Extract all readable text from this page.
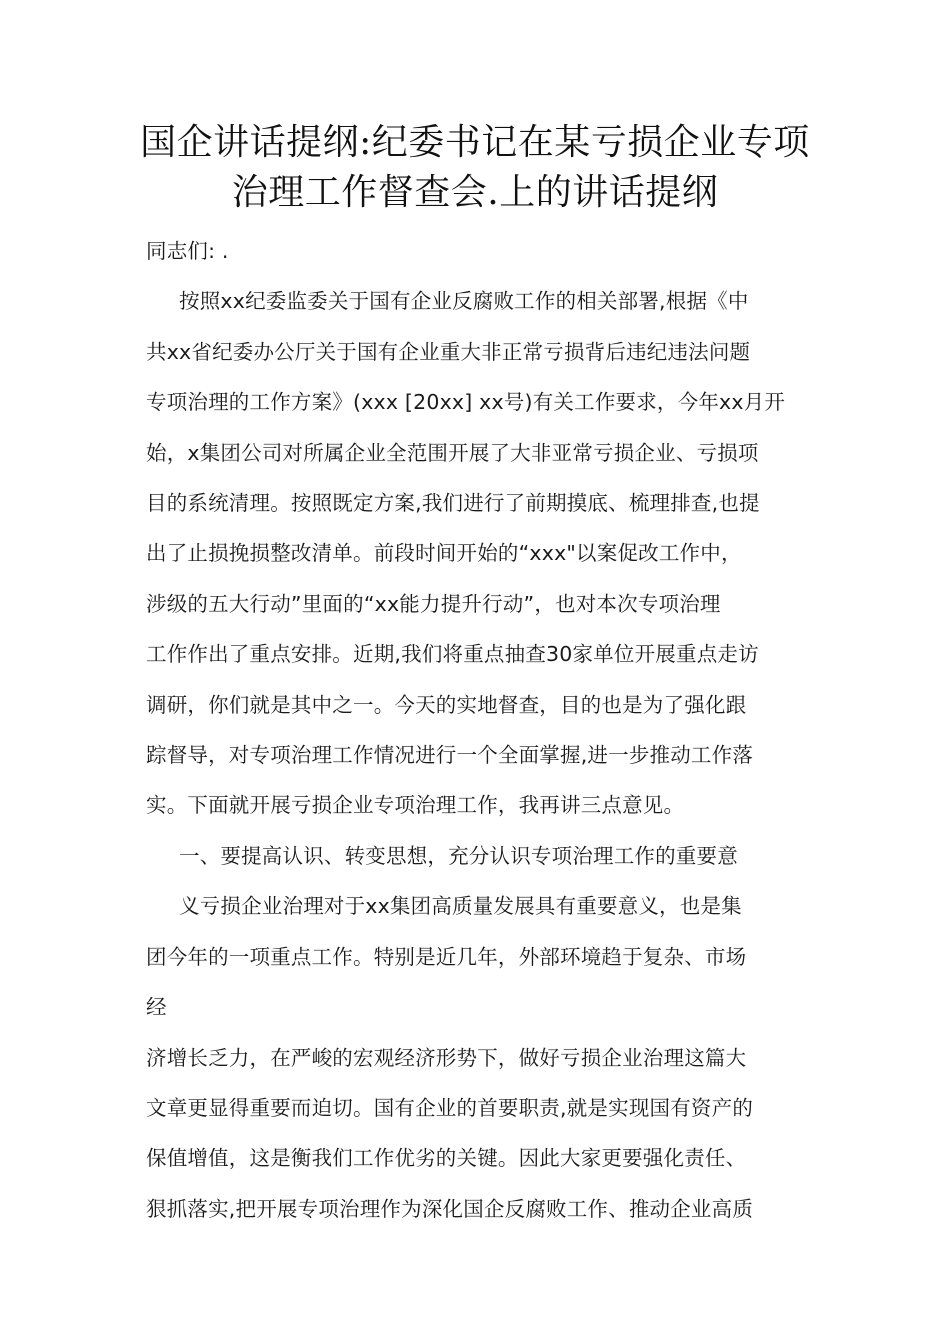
国企讲话提纲:纪委书记在某亏损企业专项
治理工作督查会.上的讲话提纲

同志们: .

按照xx纪委监委关于国有企业反腐败工作的相关部署,根据《中

共xx省纪委办公厅关于国有企业重大非正常亏损背后违纪违法问题

专项治理的工作方案》(xxx [20xx] xx号)有关工作要求，今年xx月开

始，x集团公司对所属企业全范围开展了大非亚常亏损企业、亏损项

目的系统清理。按照既定方案,我们进行了前期摸底、梳理排查,也提

出了止损挽损整改清单。前段时间开始的“xxx"以案促改工作中，

涉级的五大行动”里面的“xx能力提升行动”，也对本次专项治理

工作作出了重点安排。近期,我们将重点抽查30家单位开展重点走访

调研，你们就是其中之一。今天的实地督查，目的也是为了强化跟

踪督导，对专项治理工作情况进行一个全面掌握,进一步推动工作落

实。下面就开展亏损企业专项治理工作，我再讲三点意见。

一、要提高认识、转变思想，充分认识专项治理工作的重要意

义亏损企业治理对于xx集团高质量发展具有重要意义，也是集

团今年的一项重点工作。特别是近几年，外部环境趋于复杂、市场

经

济增长乏力，在严峻的宏观经济形势下，做好亏损企业治理这篇大

文章更显得重要而迫切。国有企业的首要职责,就是实现国有资产的

保值增值，这是衡我们工作优劣的关键。因此大家更要强化责任、

狠抓落实,把开展专项治理作为深化国企反腐败工作、推动企业高质
